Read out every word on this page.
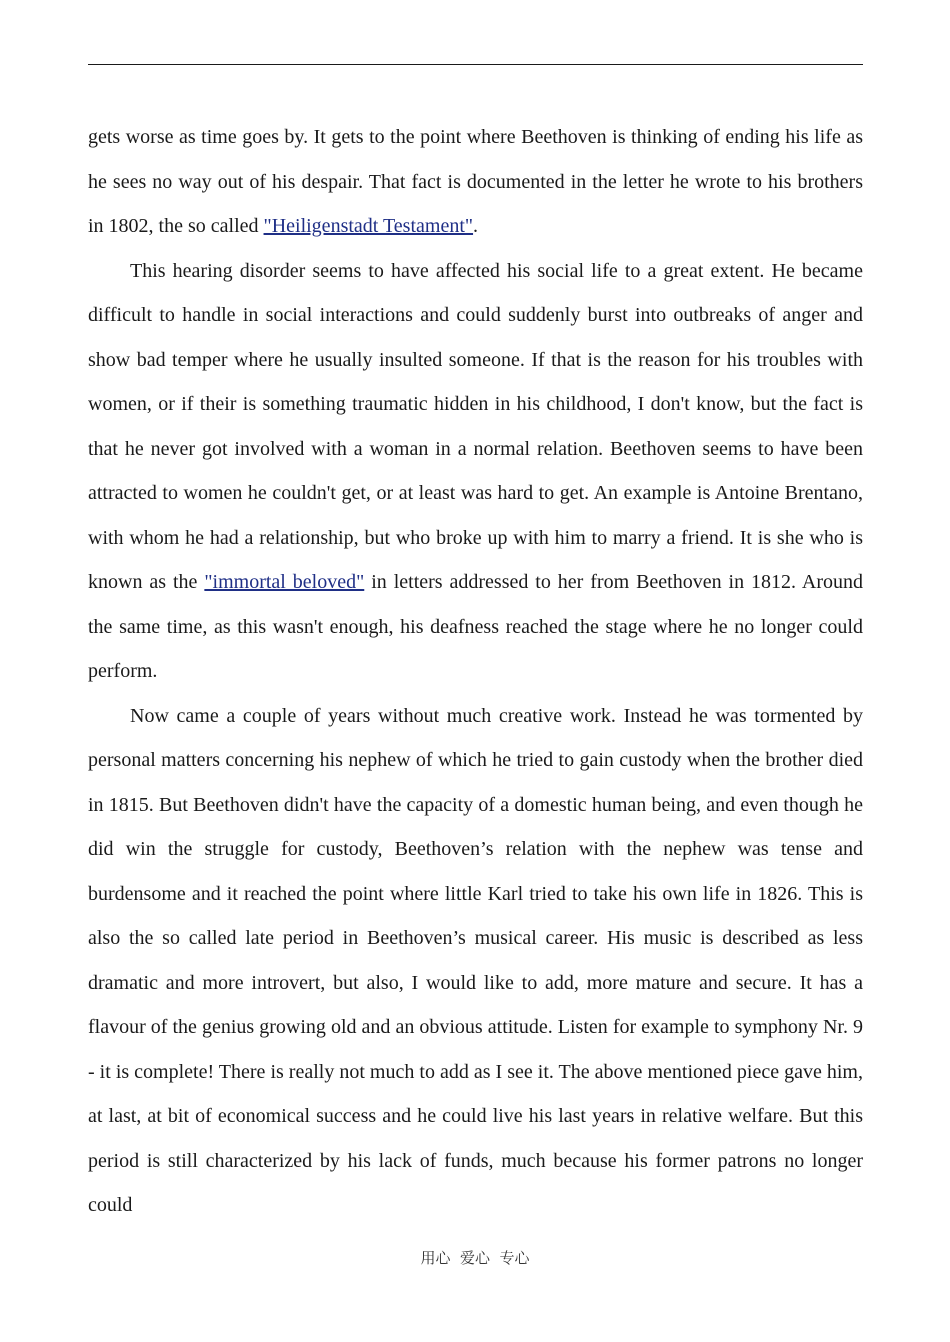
gets worse as time goes by. It gets to the point where Beethoven is thinking of ending his life as he sees no way out of his despair. That fact is documented in the letter he wrote to his brothers in 1802, the so called "Heiligenstadt Testament".

This hearing disorder seems to have affected his social life to a great extent. He became difficult to handle in social interactions and could suddenly burst into outbreaks of anger and show bad temper where he usually insulted someone. If that is the reason for his troubles with women, or if their is something traumatic hidden in his childhood, I don't know, but the fact is that he never got involved with a woman in a normal relation. Beethoven seems to have been attracted to women he couldn't get, or at least was hard to get. An example is Antoine Brentano, with whom he had a relationship, but who broke up with him to marry a friend. It is she who is known as the "immortal beloved" in letters addressed to her from Beethoven in 1812. Around the same time, as this wasn't enough, his deafness reached the stage where he no longer could perform.

Now came a couple of years without much creative work. Instead he was tormented by personal matters concerning his nephew of which he tried to gain custody when the brother died in 1815. But Beethoven didn't have the capacity of a domestic human being, and even though he did win the struggle for custody, Beethoven’s relation with the nephew was tense and burdensome and it reached the point where little Karl tried to take his own life in 1826. This is also the so called late period in Beethoven’s musical career. His music is described as less dramatic and more introvert, but also, I would like to add, more mature and secure. It has a flavour of the genius growing old and an obvious attitude. Listen for example to symphony Nr. 9 - it is complete! There is really not much to add as I see it. The above mentioned piece gave him, at last, at bit of economical success and he could live his last years in relative welfare. But this period is still characterized by his lack of funds, much because his former patrons no longer could

用心  爱心  专心
